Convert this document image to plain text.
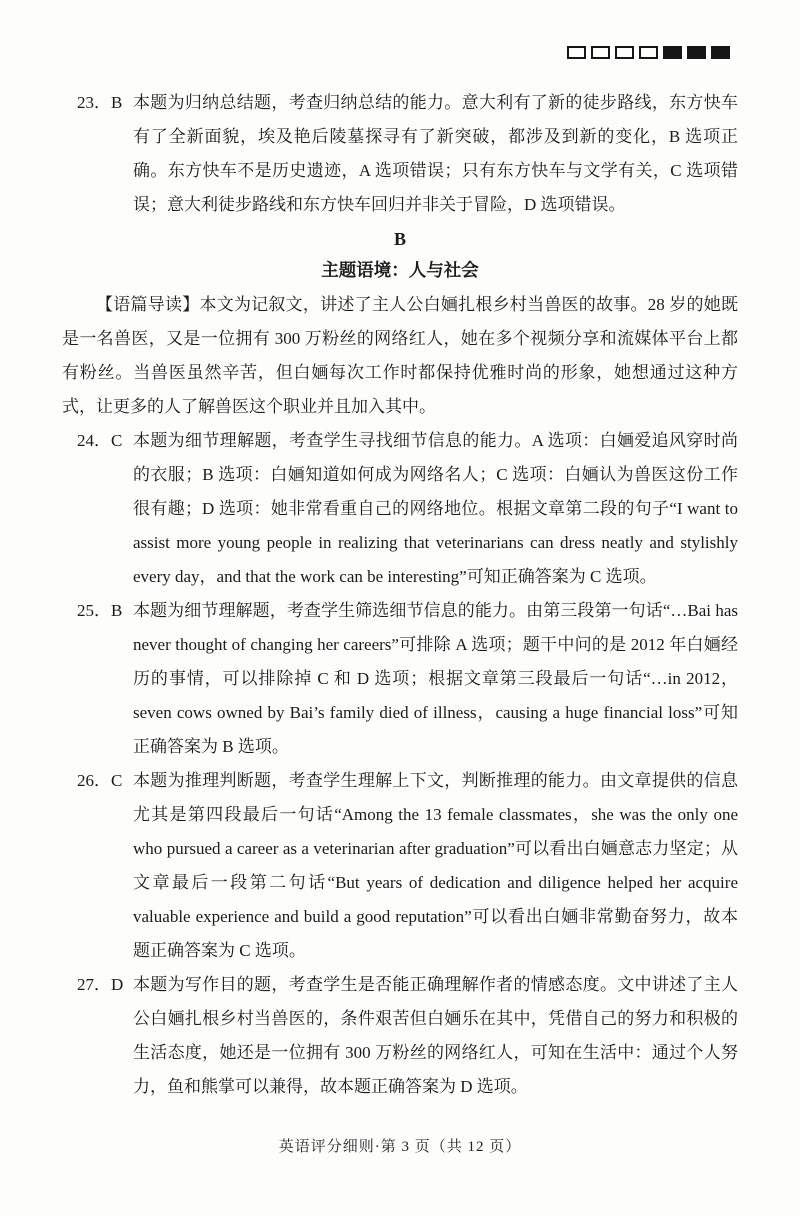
23．B 本题为归纳总结题，考查归纳总结的能力。意大利有了新的徒步路线，东方快车有了全新面貌，埃及艳后陵墓探寻有了新突破，都涉及到新的变化，B 选项正确。东方快车不是历史遗迹，A 选项错误；只有东方快车与文学有关，C 选项错误；意大利徒步路线和东方快车回归并非关于冒险，D 选项错误。
B
主题语境：人与社会

【语篇导读】本文为记叙文，讲述了主人公白婳扎根乡村当兽医的故事。28 岁的她既是一名兽医，又是一位拥有 300 万粉丝的网络红人，她在多个视频分享和流媒体平台上都有粉丝。当兽医虽然辛苦，但白婳每次工作时都保持优雅时尚的形象，她想通过这种方式，让更多的人了解兽医这个职业并且加入其中。

24．C 本题为细节理解题，考查学生寻找细节信息的能力。A 选项：白婳爱追风穿时尚的衣服；B 选项：白婳知道如何成为网络名人；C 选项：白婳认为兽医这份工作很有趣；D 选项：她非常看重自己的网络地位。根据文章第二段的句子“I want to assist more young people in realizing that veterinarians can dress neatly and stylishly every day，and that the work can be interesting”可知正确答案为 C 选项。
25．B 本题为细节理解题，考查学生筛选细节信息的能力。由第三段第一句话“…Bai has never thought of changing her careers”可排除 A 选项；题干中问的是 2012 年白婳经历的事情，可以排除掉 C 和 D 选项；根据文章第三段最后一句话“…in 2012，seven cows owned by Bai’s family died of illness，causing a huge financial loss”可知正确答案为 B 选项。
26．C 本题为推理判断题，考查学生理解上下文，判断推理的能力。由文章提供的信息尤其是第四段最后一句话“Among the 13 female classmates，she was the only one who pursued a career as a veterinarian after graduation”可以看出白婳意志力坚定；从文章最后一段第二句话“But years of dedication and diligence helped her acquire valuable experience and build a good reputation”可以看出白婳非常勤奋努力，故本题正确答案为 C 选项。
27．D 本题为写作目的题，考查学生是否能正确理解作者的情感态度。文中讲述了主人公白婳扎根乡村当兽医的，条件艰苦但白婳乐在其中，凭借自己的努力和积极的生活态度，她还是一位拥有 300 万粉丝的网络红人，可知在生活中：通过个人努力，鱼和熊掌可以兼得，故本题正确答案为 D 选项。
英语评分细则·第 3 页（共 12 页）
